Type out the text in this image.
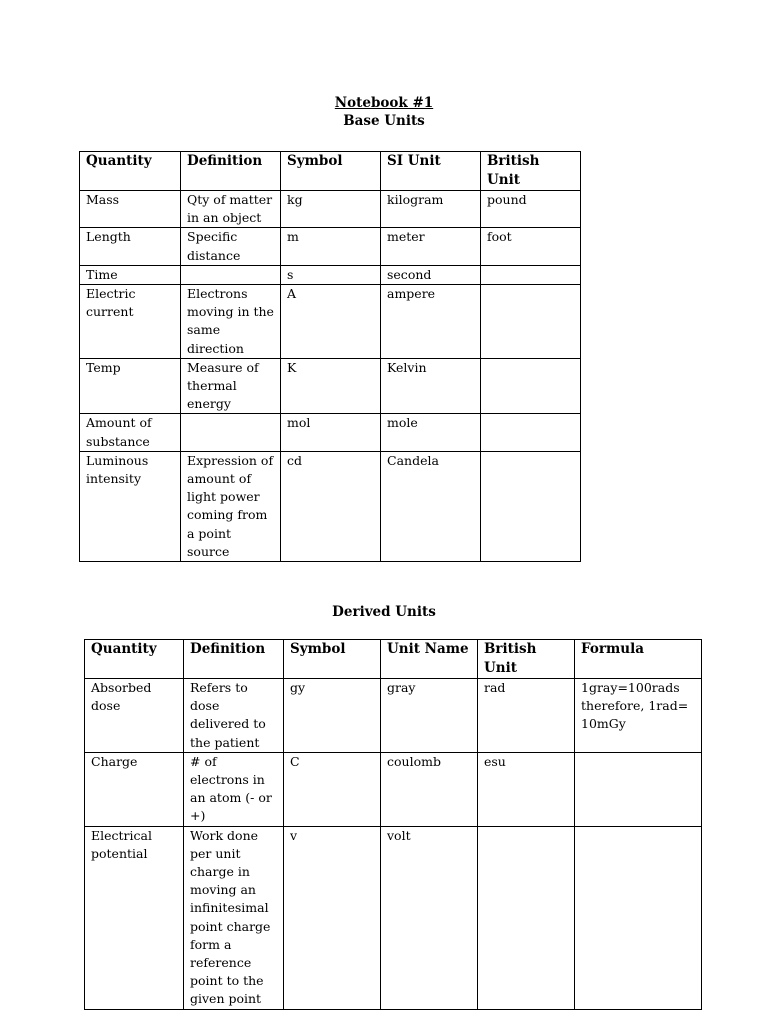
Notebook #1
Base Units
Quantity	Definition	Symbol	SI Unit	British Unit
Mass	Qty of matter in an object	kg	kilogram	pound
Length	Specific distance	m	meter	foot
Time		s	second	
Electric current	Electrons moving in the same direction	A	ampere	
Temp	Measure of thermal energy	K	Kelvin	
Amount of substance		mol	mole	
Luminous intensity	Expression of amount of light power coming from a point source	cd	Candela	
Derived Units
Quantity	Definition	Symbol	Unit Name	British Unit	Formula
Absorbed dose	Refers to dose delivered to the patient	gy	gray	rad	1gray=100rads therefore, 1rad= 10mGy
Charge	# of electrons in an atom (- or +)	C	coulomb	esu	
Electrical potential	Work done per unit charge in moving an infinitesimal point charge form a reference point to the given point	v	volt		
